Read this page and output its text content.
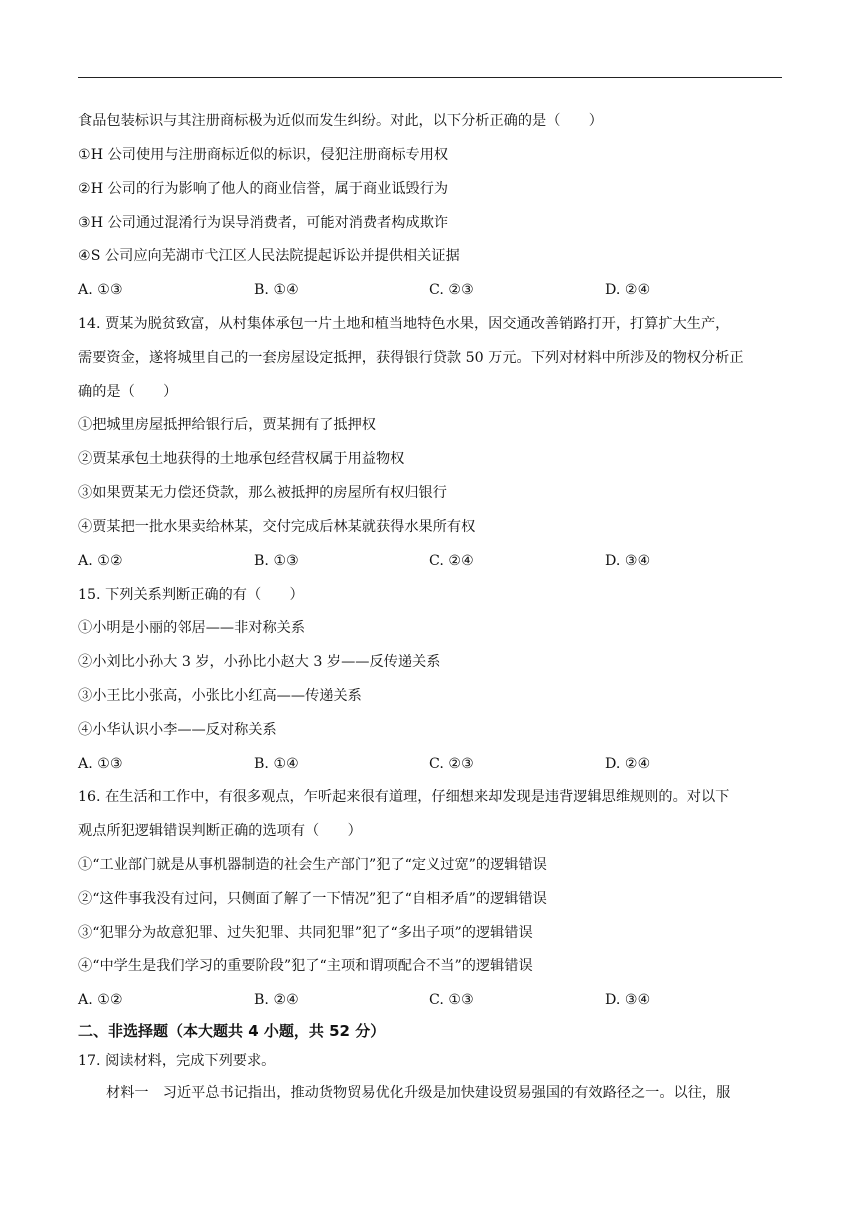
食品包装标识与其注册商标极为近似而发生纠纷。对此，以下分析正确的是（　　）
①H 公司使用与注册商标近似的标识，侵犯注册商标专用权
②H 公司的行为影响了他人的商业信誉，属于商业诋毁行为
③H 公司通过混淆行为误导消费者，可能对消费者构成欺诈
④S 公司应向芜湖市弋江区人民法院提起诉讼并提供相关证据
A. ①③	B. ①④	C. ②③	D. ②④
14. 贾某为脱贫致富，从村集体承包一片土地和植当地特色水果，因交通改善销路打开，打算扩大生产，
需要资金，遂将城里自己的一套房屋设定抵押，获得银行贷款 50 万元。下列对材料中所涉及的物权分析正
确的是（　　）
①把城里房屋抵押给银行后，贾某拥有了抵押权
②贾某承包土地获得的土地承包经营权属于用益物权
③如果贾某无力偿还贷款，那么被抵押的房屋所有权归银行
④贾某把一批水果卖给林某，交付完成后林某就获得水果所有权
A. ①②	B. ①③	C. ②④	D. ③④
15. 下列关系判断正确的有（　　）
①小明是小丽的邻居——非对称关系
②小刘比小孙大 3 岁，小孙比小赵大 3 岁——反传递关系
③小王比小张高，小张比小红高——传递关系
④小华认识小李——反对称关系
A. ①③	B. ①④	C. ②③	D. ②④
16. 在生活和工作中，有很多观点，乍听起来很有道理，仔细想来却发现是违背逻辑思维规则的。对以下
观点所犯逻辑错误判断正确的选项有（　　）
①“工业部门就是从事机器制造的社会生产部门”犯了“定义过宽”的逻辑错误
②“这件事我没有过问，只侧面了解了一下情况”犯了“自相矛盾”的逻辑错误
③“犯罪分为故意犯罪、过失犯罪、共同犯罪”犯了“多出子项”的逻辑错误
④“中学生是我们学习的重要阶段”犯了“主项和谓项配合不当”的逻辑错误
A. ①②	B. ②④	C. ①③	D. ③④
二、非选择题（本大题共 4 小题，共 52 分）
17. 阅读材料，完成下列要求。
材料一　习近平总书记指出，推动货物贸易优化升级是加快建设贸易强国的有效路径之一。以往，服
